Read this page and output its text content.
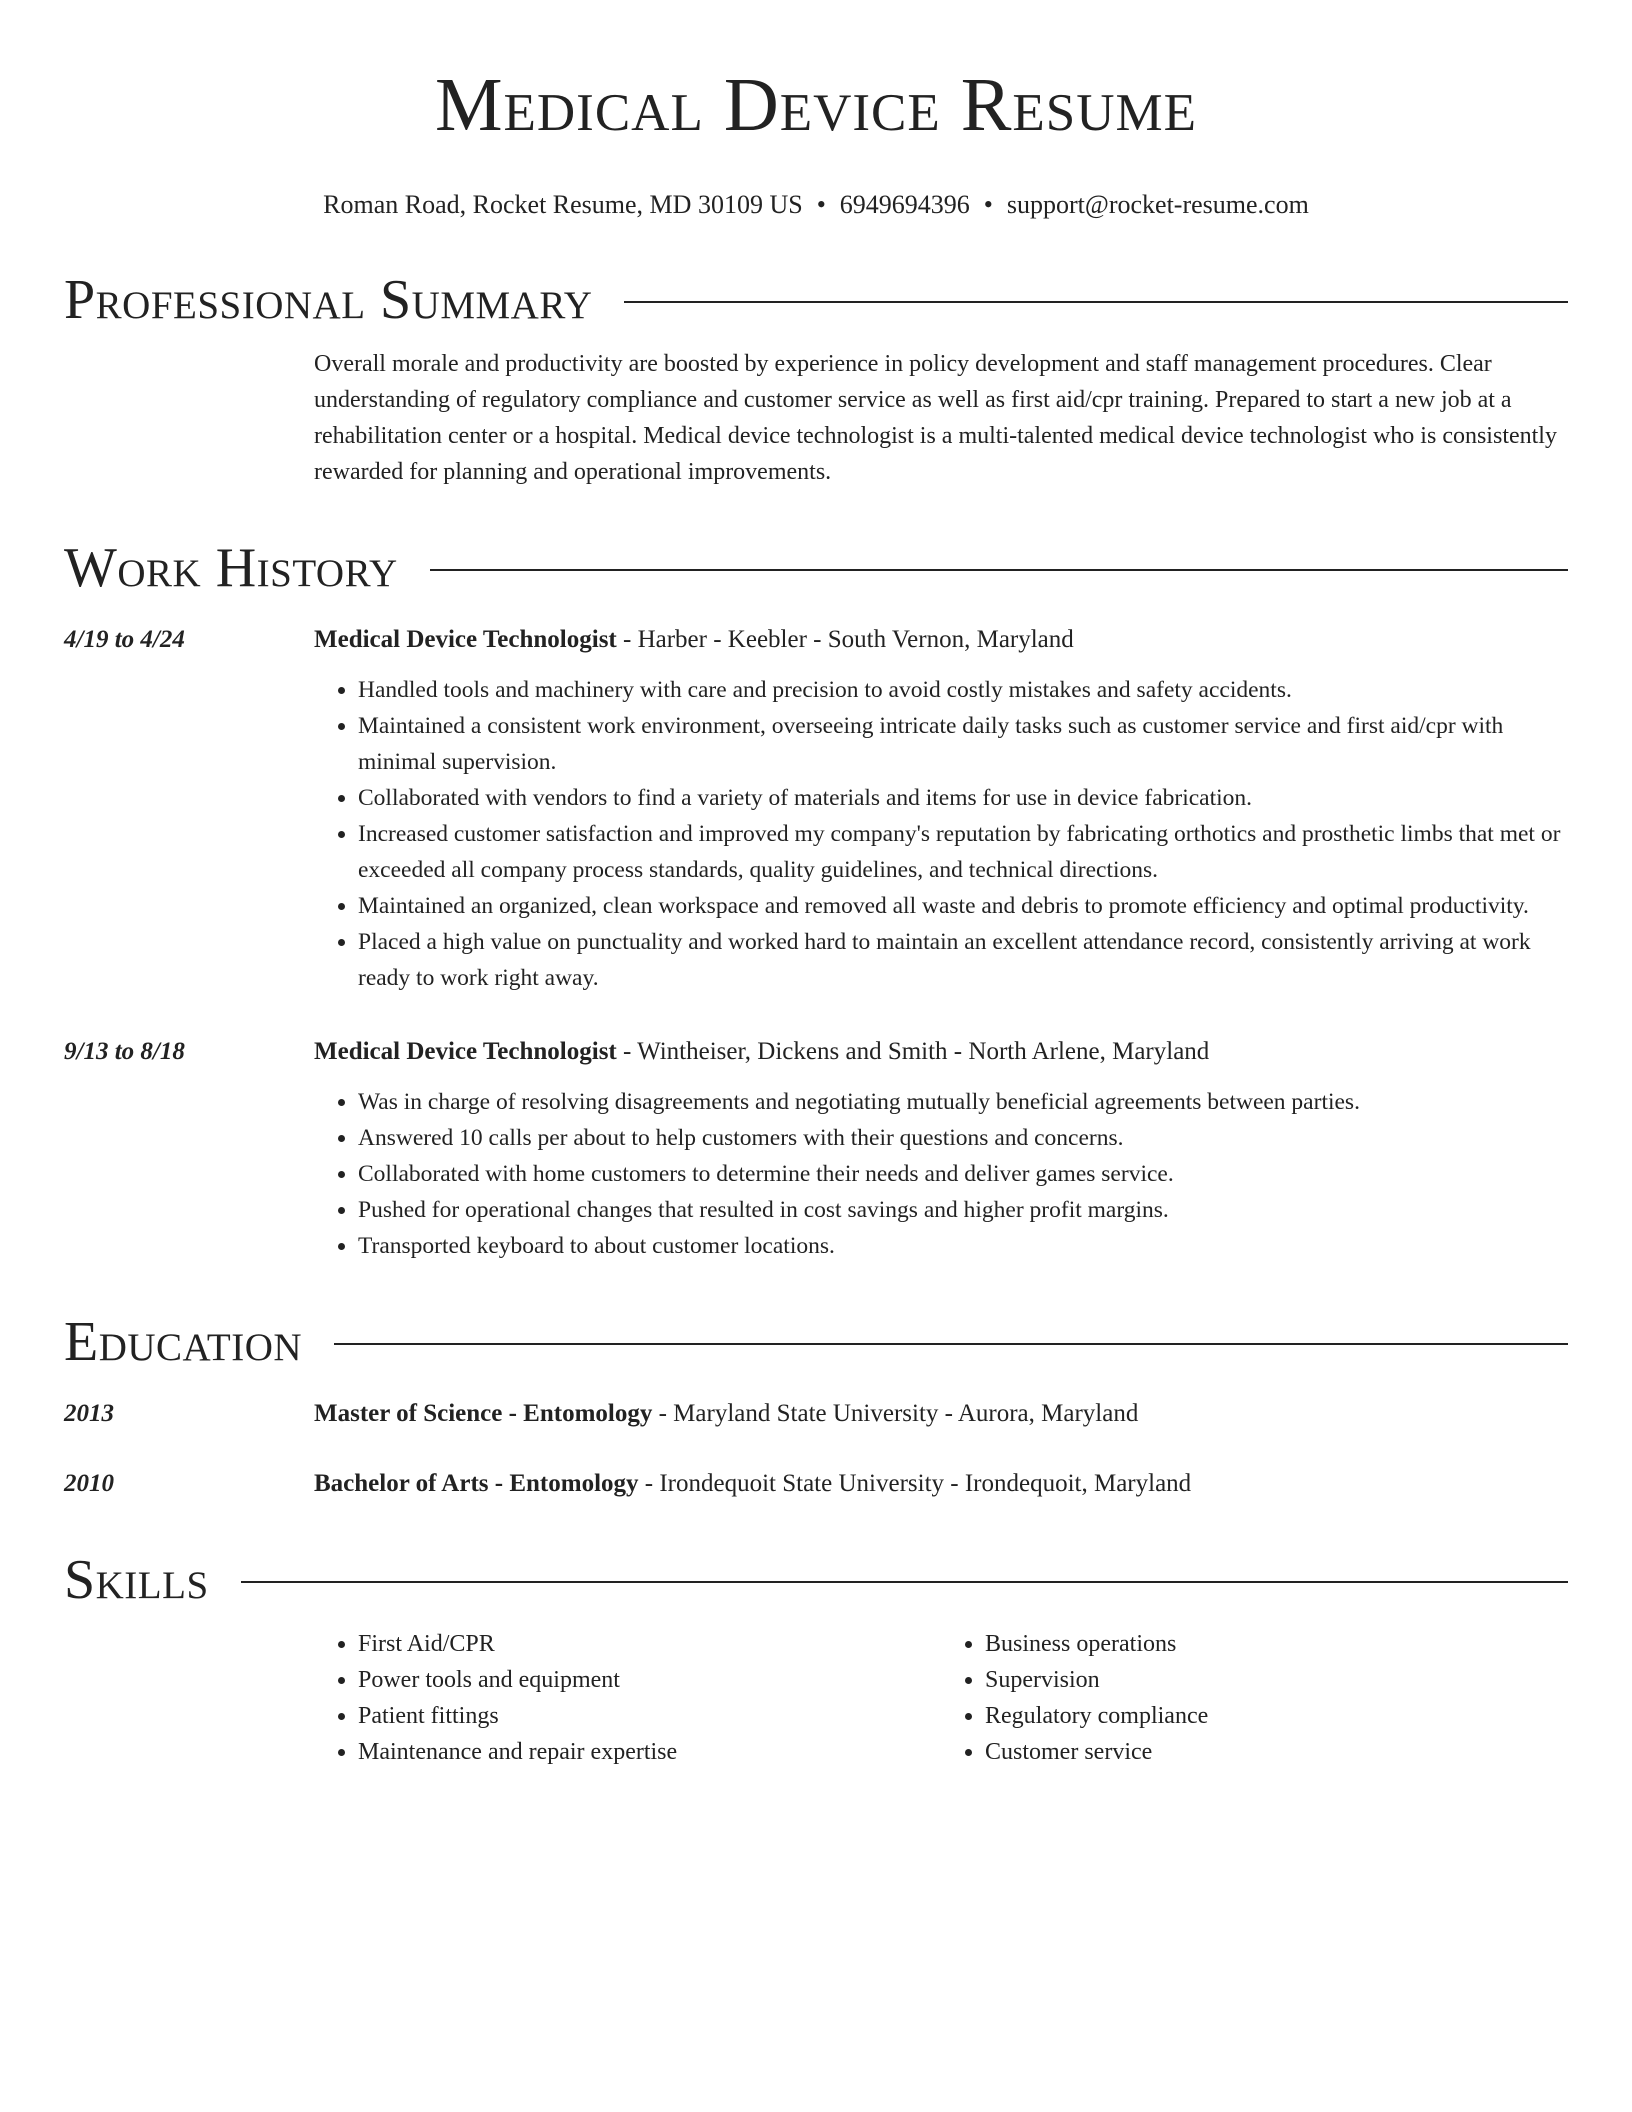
Medical Device Resume
Roman Road, Rocket Resume, MD 30109 US • 6949694396 • support@rocket-resume.com
Professional Summary
Overall morale and productivity are boosted by experience in policy development and staff management procedures. Clear understanding of regulatory compliance and customer service as well as first aid/cpr training. Prepared to start a new job at a rehabilitation center or a hospital. Medical device technologist is a multi-talented medical device technologist who is consistently rewarded for planning and operational improvements.
Work History
4/19 to 4/24	Medical Device Technologist - Harber - Keebler - South Vernon, Maryland
• Handled tools and machinery with care and precision to avoid costly mistakes and safety accidents.
• Maintained a consistent work environment, overseeing intricate daily tasks such as customer service and first aid/cpr with minimal supervision.
• Collaborated with vendors to find a variety of materials and items for use in device fabrication.
• Increased customer satisfaction and improved my company's reputation by fabricating orthotics and prosthetic limbs that met or exceeded all company process standards, quality guidelines, and technical directions.
• Maintained an organized, clean workspace and removed all waste and debris to promote efficiency and optimal productivity.
• Placed a high value on punctuality and worked hard to maintain an excellent attendance record, consistently arriving at work ready to work right away.
9/13 to 8/18	Medical Device Technologist - Wintheiser, Dickens and Smith - North Arlene, Maryland
• Was in charge of resolving disagreements and negotiating mutually beneficial agreements between parties.
• Answered 10 calls per about to help customers with their questions and concerns.
• Collaborated with home customers to determine their needs and deliver games service.
• Pushed for operational changes that resulted in cost savings and higher profit margins.
• Transported keyboard to about customer locations.
Education
2013	Master of Science - Entomology - Maryland State University - Aurora, Maryland
2010	Bachelor of Arts - Entomology - Irondequoit State University - Irondequoit, Maryland
Skills
• First Aid/CPR
• Power tools and equipment
• Patient fittings
• Maintenance and repair expertise
• Business operations
• Supervision
• Regulatory compliance
• Customer service
